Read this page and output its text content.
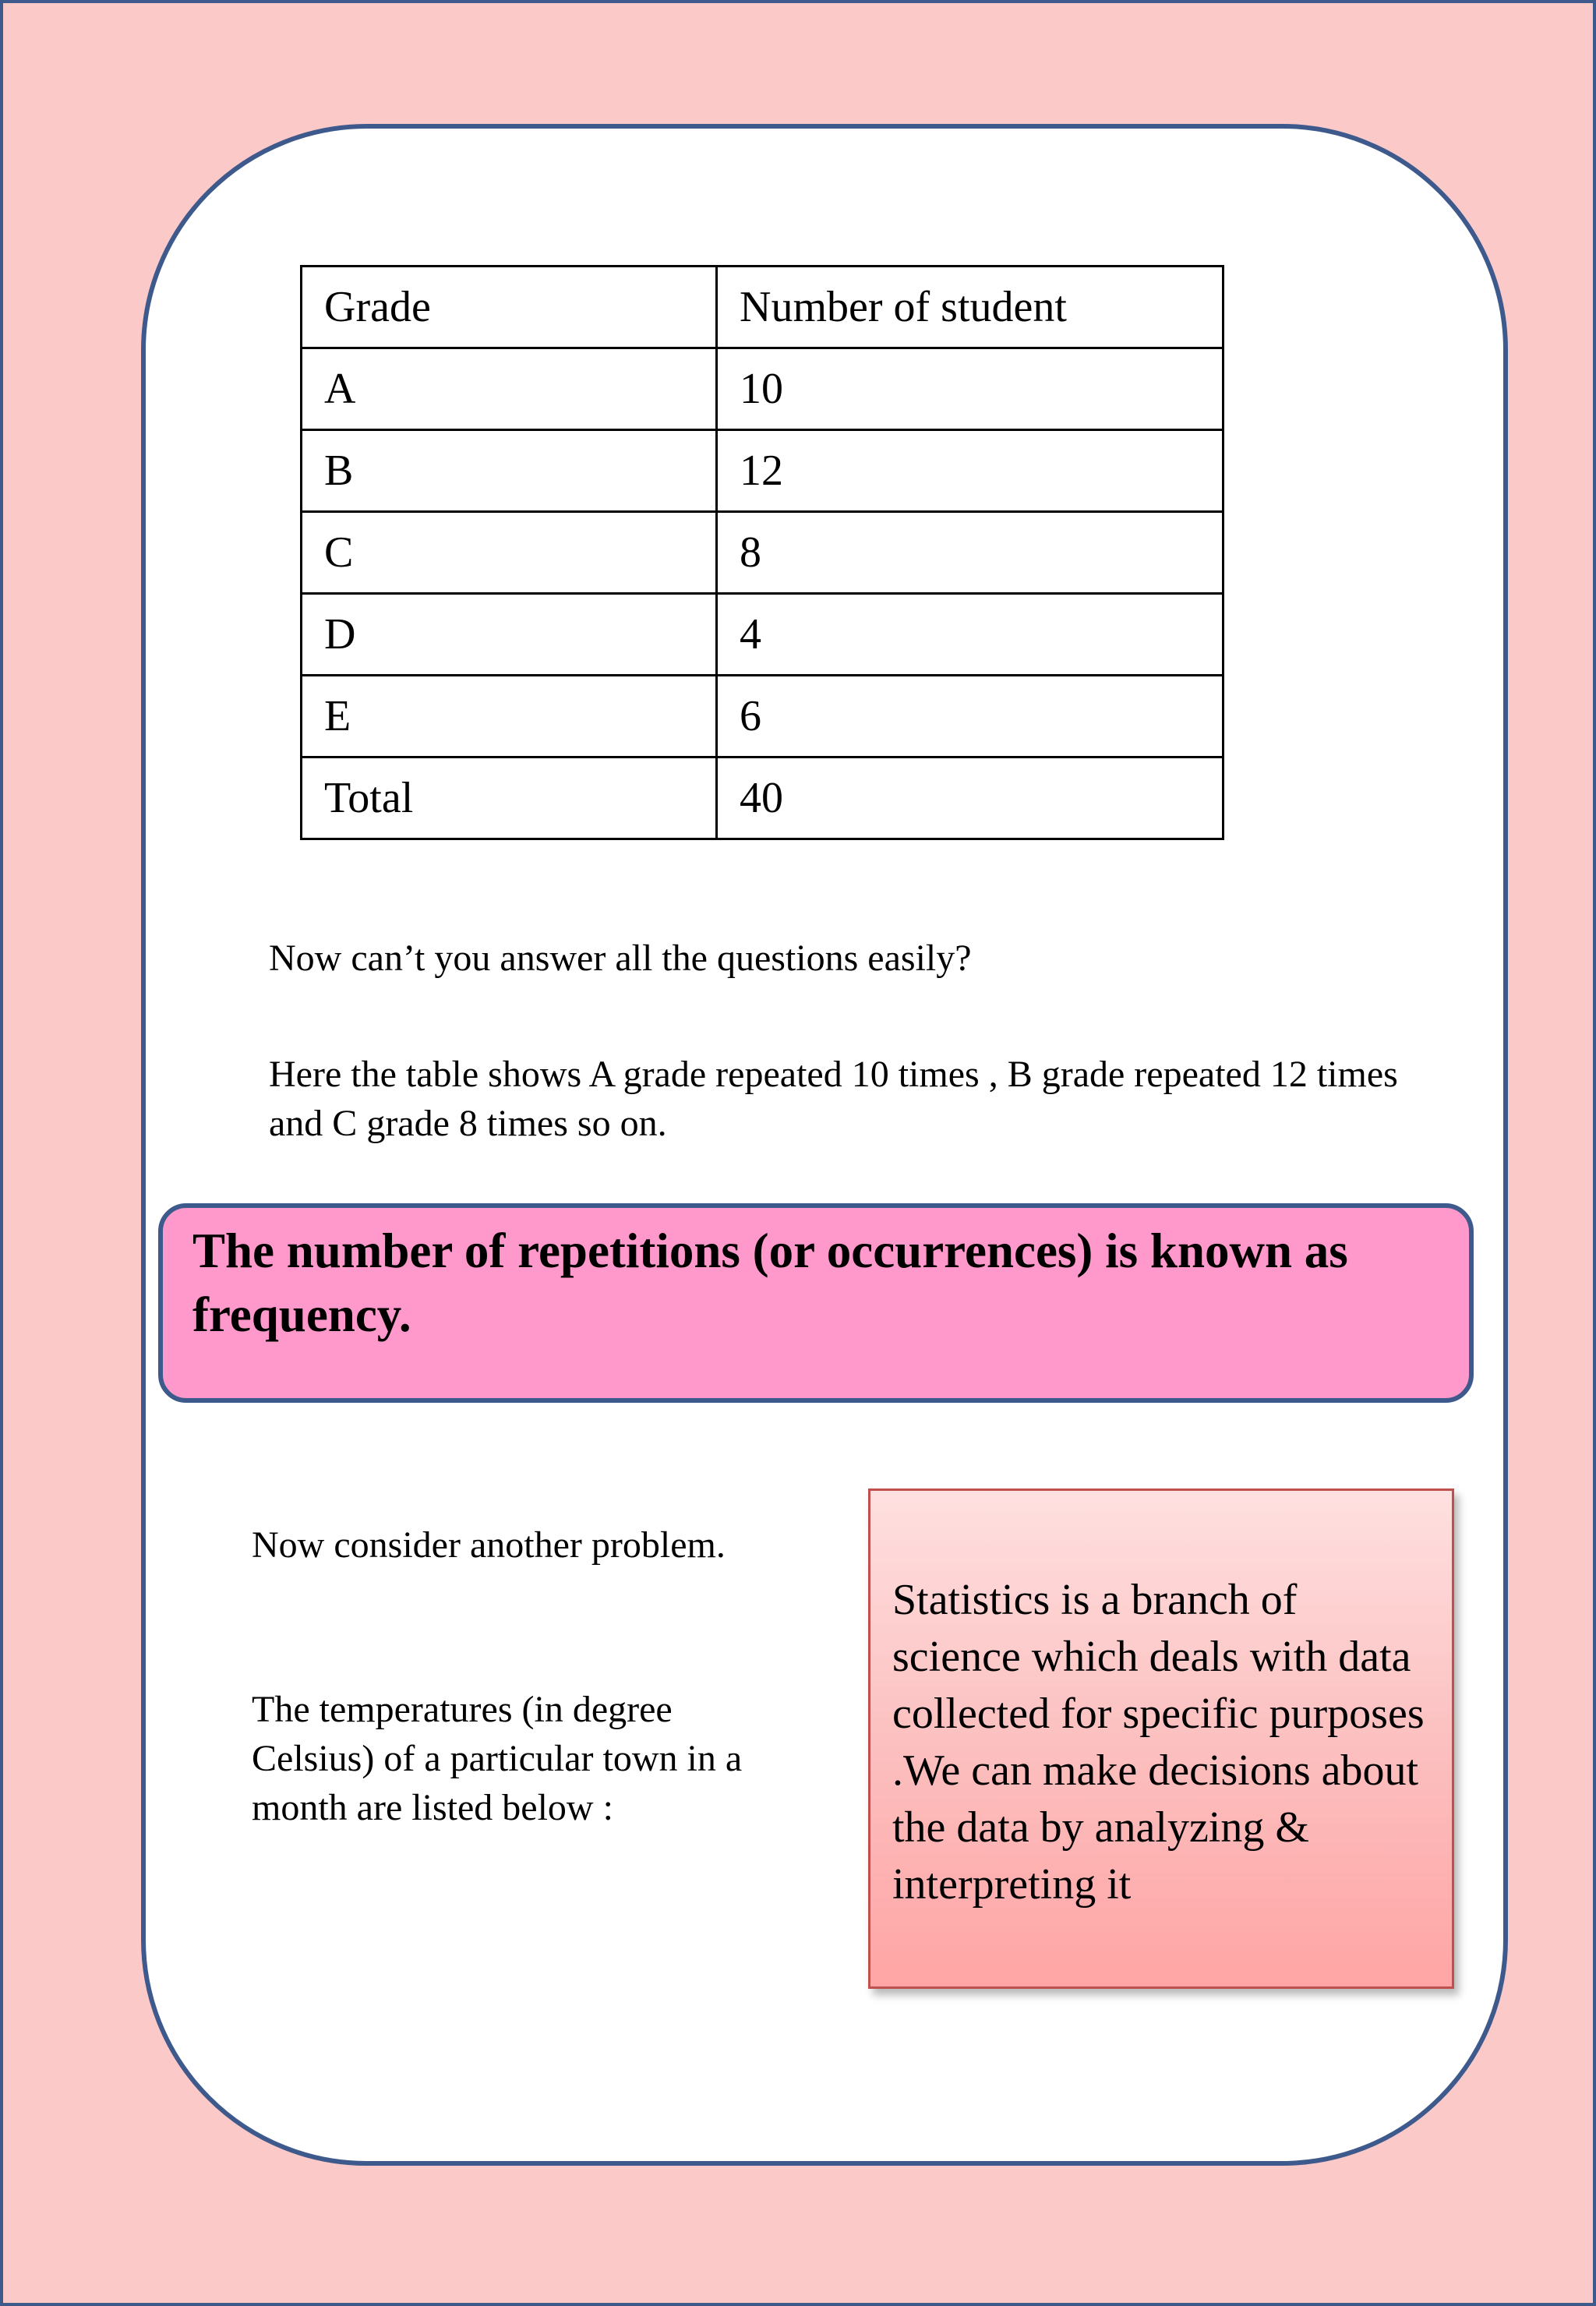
Grade	Number of student
A	10
B	12
C	8
D	4
E	6
Total	40

Now can’t you answer all the questions easily?

Here the table shows A grade repeated 10 times , B grade repeated 12 times and C grade 8 times so on.

The number of repetitions (or occurrences) is known as frequency.

Now consider another problem.

The temperatures (in degree Celsius) of a particular town in a month are listed below :

Statistics is a branch of science which deals with data collected for specific purposes .We can make decisions about the data by analyzing & interpreting it
